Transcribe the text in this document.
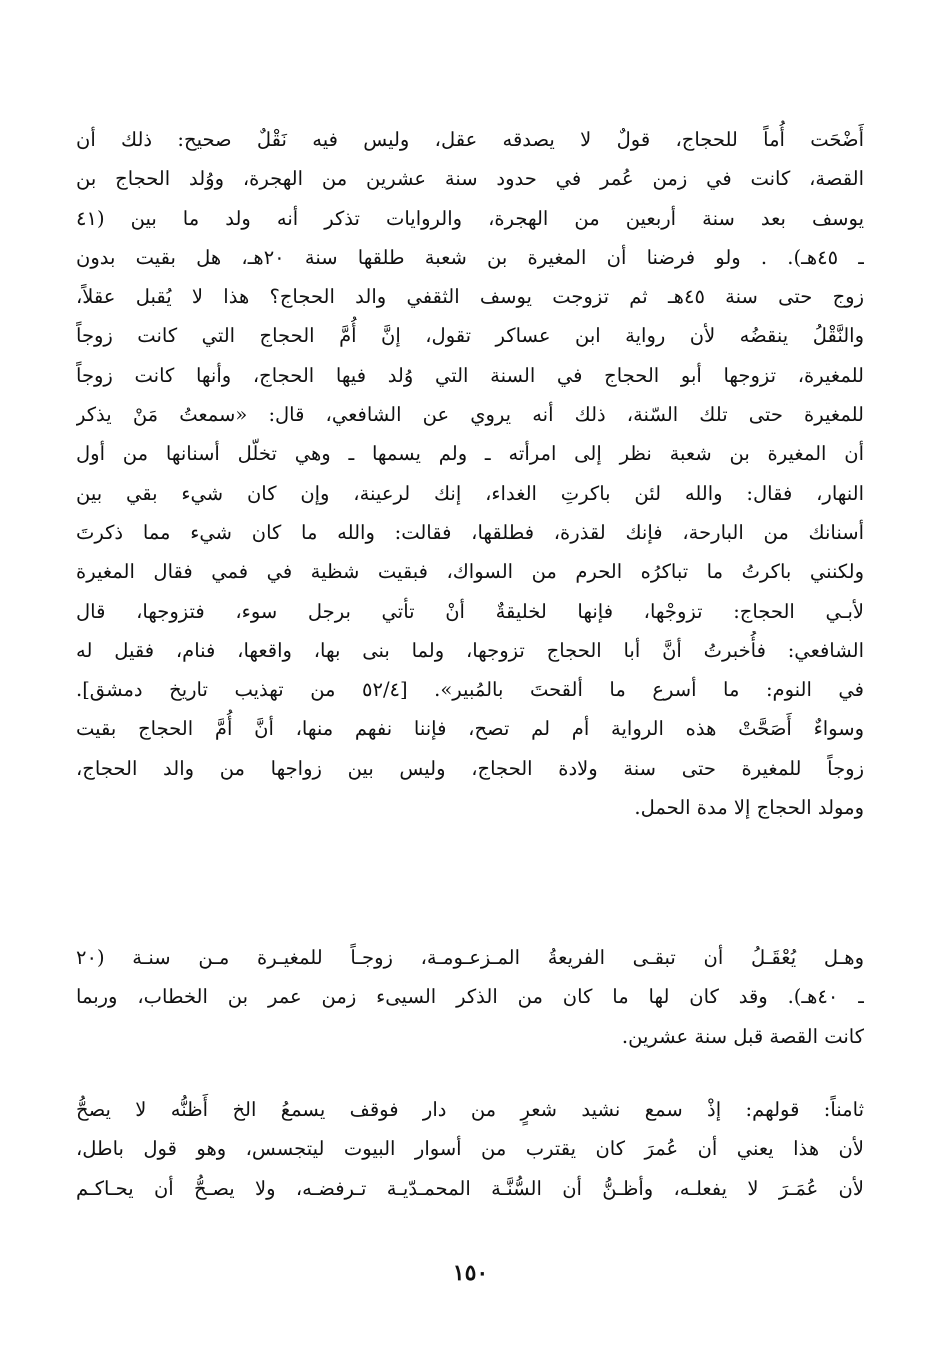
أَضْحَت أُماً للحجاج، قولٌ لا يصدقه عقل، وليس فيه نَقْلٌ صحيح: ذلك أن
القصة، كانت في زمن عُمر في حدود سنة عشرين من الهجرة، ووُلد الحجاج بن
يوسف بعد سنة أربعين من الهجرة، والروايات تذكر أنه ولد ما بين (٤١
ـ ٤٥هـ). . ولو فرضنا أن المغيرة بن شعبة طلقها سنة ٢٠هـ، هل بقيت بدون
زوج حتى سنة ٤٥هـ ثم تزوجت يوسف الثقفي والد الحجاج؟ هذا لا يُقبل عقلاً،
والنَّقْلُ ينقضُه لأن رواية ابن عساكر تقول، إنَّ أُمَّ الحجاج التي كانت زوجاً
للمغيرة، تزوجها أبو الحجاج في السنة التي وُلد فيها الحجاج، وأنها كانت زوجاً
للمغيرة حتى تلك السّنة، ذلك أنه يروي عن الشافعي، قال: «سمعتُ مَنْ يذكر
أن المغيرة بن شعبة نظر إلى امرأته ـ ولم يسمها ـ وهي تخلّل أسنانها من أول
النهار، فقال: والله لئن باكرتِ الغداء، إنك لرعينة، وإن كان شيء بقي بين
أسنانك من البارحة، فإنك لقذرة، فطلقها، فقالت: والله ما كان شيء مما ذكرتَ
ولكنني باكرتُ ما تباكرُه الحرم من السواك، فبقيت شظية في فمي فقال المغيرة
لأبـي الحجاج: تزوجْها، فإنها لخليقةٌ أنْ تأتي برجل سوء، فتزوجها، قال
الشافعي: فأُخبرتُ أنَّ أبا الحجاج تزوجها، ولما بنى بها، واقعها، فنام، فقيل له
في النوم: ما أسرع ما ألقحتَ بالمُبير». [٥٢/٤ من تهذيب تاريخ دمشق].
وسواءٌ أَصَحَّتْ هذه الرواية أم لم تصح، فإننا نفهم منها، أنَّ أُمَّ الحجاج بقيت
زوجاً للمغيرة حتى سنة ولادة الحجاج، وليس بين زواجها من والد الحجاج،
ومولد الحجاج إلا مدة الحمل.
وهـل يُعْقَـلُ أن تبقـى الفريعةُ المـزعـومـة، زوجـاً للمغيـرة مـن سنـة (٢٠
ـ ٤٠هـ). وقد كان لها ما كان من الذكر السيىء زمن عمر بن الخطاب، وربما
كانت القصة قبل سنة عشرين.
ثامناً: قولهم: إذْ سمع نشيد شعرٍ من دار فوقف يسمعُ الخ أَظنُّه لا يصحُّ
لأن هذا يعني أن عُمرَ كان يقترب من أسوار البيوت ليتجسس، وهو قول باطل،
لأن عُمَـرَ لا يفعلـه، وأظـنُّ أن السُّنَّـة المحمـدّيـة تـرفضـه، ولا يصـحُّ أن يحـاكـم
١٥٠
